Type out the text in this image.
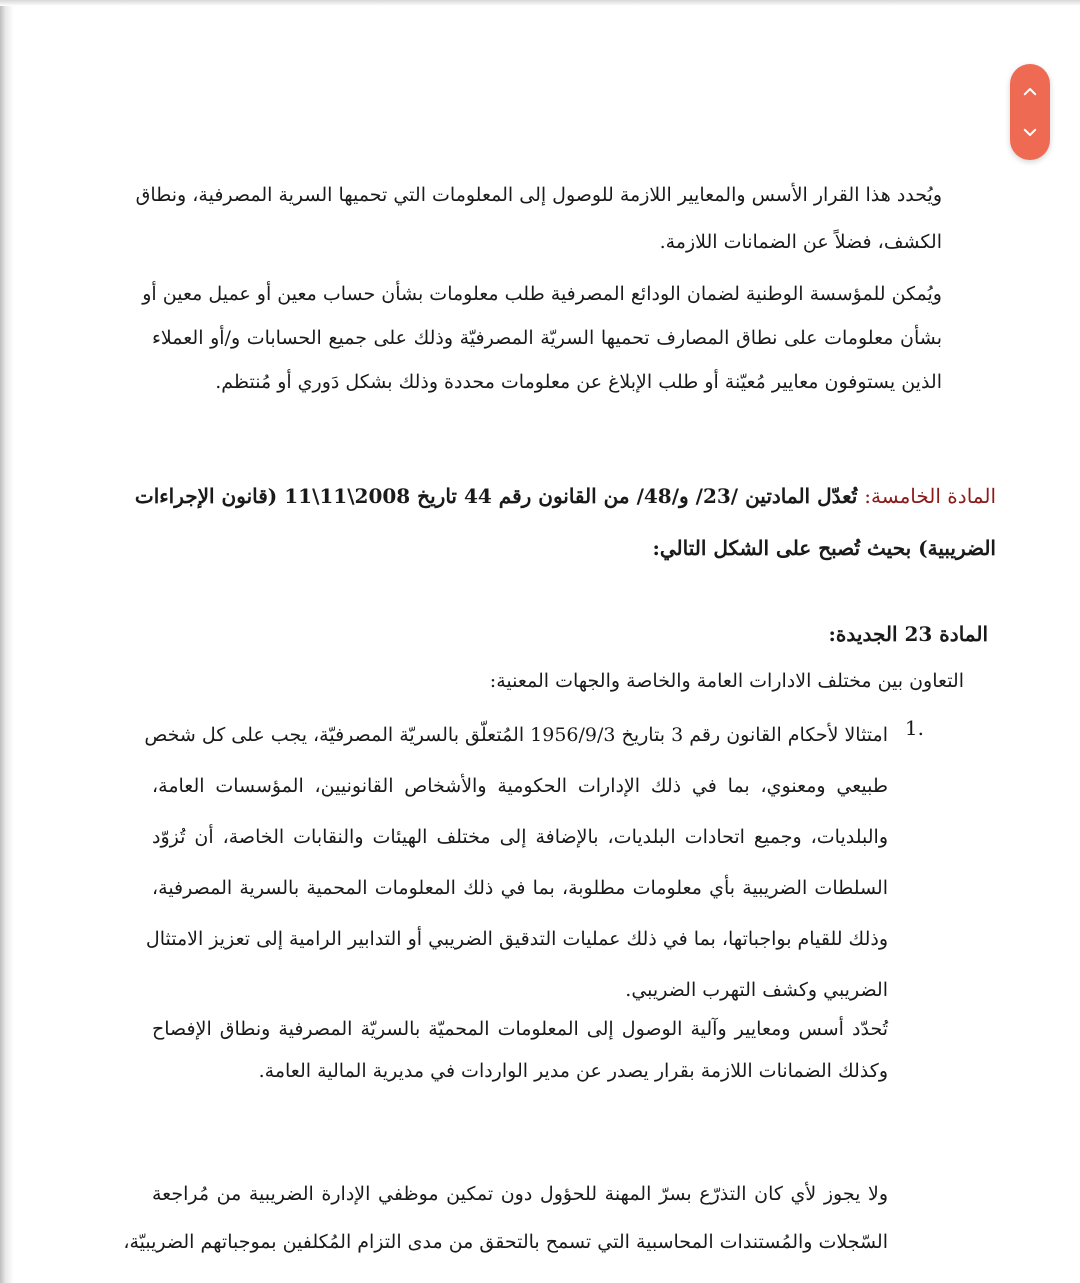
ويُحدد هذا القرار الأسس والمعايير اللازمة للوصول إلى المعلومات التي تحميها السرية المصرفية، ونطاق
الكشف، فضلاً عن الضمانات اللازمة.
ويُمكن للمؤسسة الوطنية لضمان الودائع المصرفية طلب معلومات بشأن حساب معين أو عميل معين أو
بشأن معلومات على نطاق المصارف تحميها السريّة المصرفيّة وذلك على جميع الحسابات و/أو العملاء
الذين يستوفون معايير مُعيّنة أو طلب الإبلاغ عن معلومات محددة وذلك بشكل دَوري أو مُنتظم.
المادة الخامسة: تُعدّل المادتين /23/ و/48/ من القانون رقم 44 تاريخ 2008\11\11 (قانون الإجراءات
الضريبية) بحيث تُصبح على الشكل التالي:
المادة 23 الجديدة:
التعاون بين مختلف الادارات العامة والخاصة والجهات المعنية:
.1
امتثالا لأحكام القانون رقم 3 بتاريخ 1956/9/3 المُتعلّق بالسريّة المصرفيّة، يجب على كل شخص
طبيعي ومعنوي، بما في ذلك الإدارات الحكومية والأشخاص القانونيين، المؤسسات العامة،
والبلديات، وجميع اتحادات البلديات، بالإضافة إلى مختلف الهيئات والنقابات الخاصة، أن تُزوّد
السلطات الضريبية بأي معلومات مطلوبة، بما في ذلك المعلومات المحمية بالسرية المصرفية،
وذلك للقيام بواجباتها، بما في ذلك عمليات التدقيق الضريبي أو التدابير الرامية إلى تعزيز الامتثال
الضريبي وكشف التهرب الضريبي.
تُحدّد أسس ومعايير وآلية الوصول إلى المعلومات المحميّة بالسريّة المصرفية ونطاق الإفصاح
وكذلك الضمانات اللازمة بقرار يصدر عن مدير الواردات في مديرية المالية العامة.
ولا يجوز لأي كان التذرّع بسرّ المهنة للحؤول دون تمكين موظفي الإدارة الضريبية من مُراجعة
السّجلات والمُستندات المحاسبية التي تسمح بالتحقق من مدى التزام المُكلفين بموجباتهم الضريبيّة،
